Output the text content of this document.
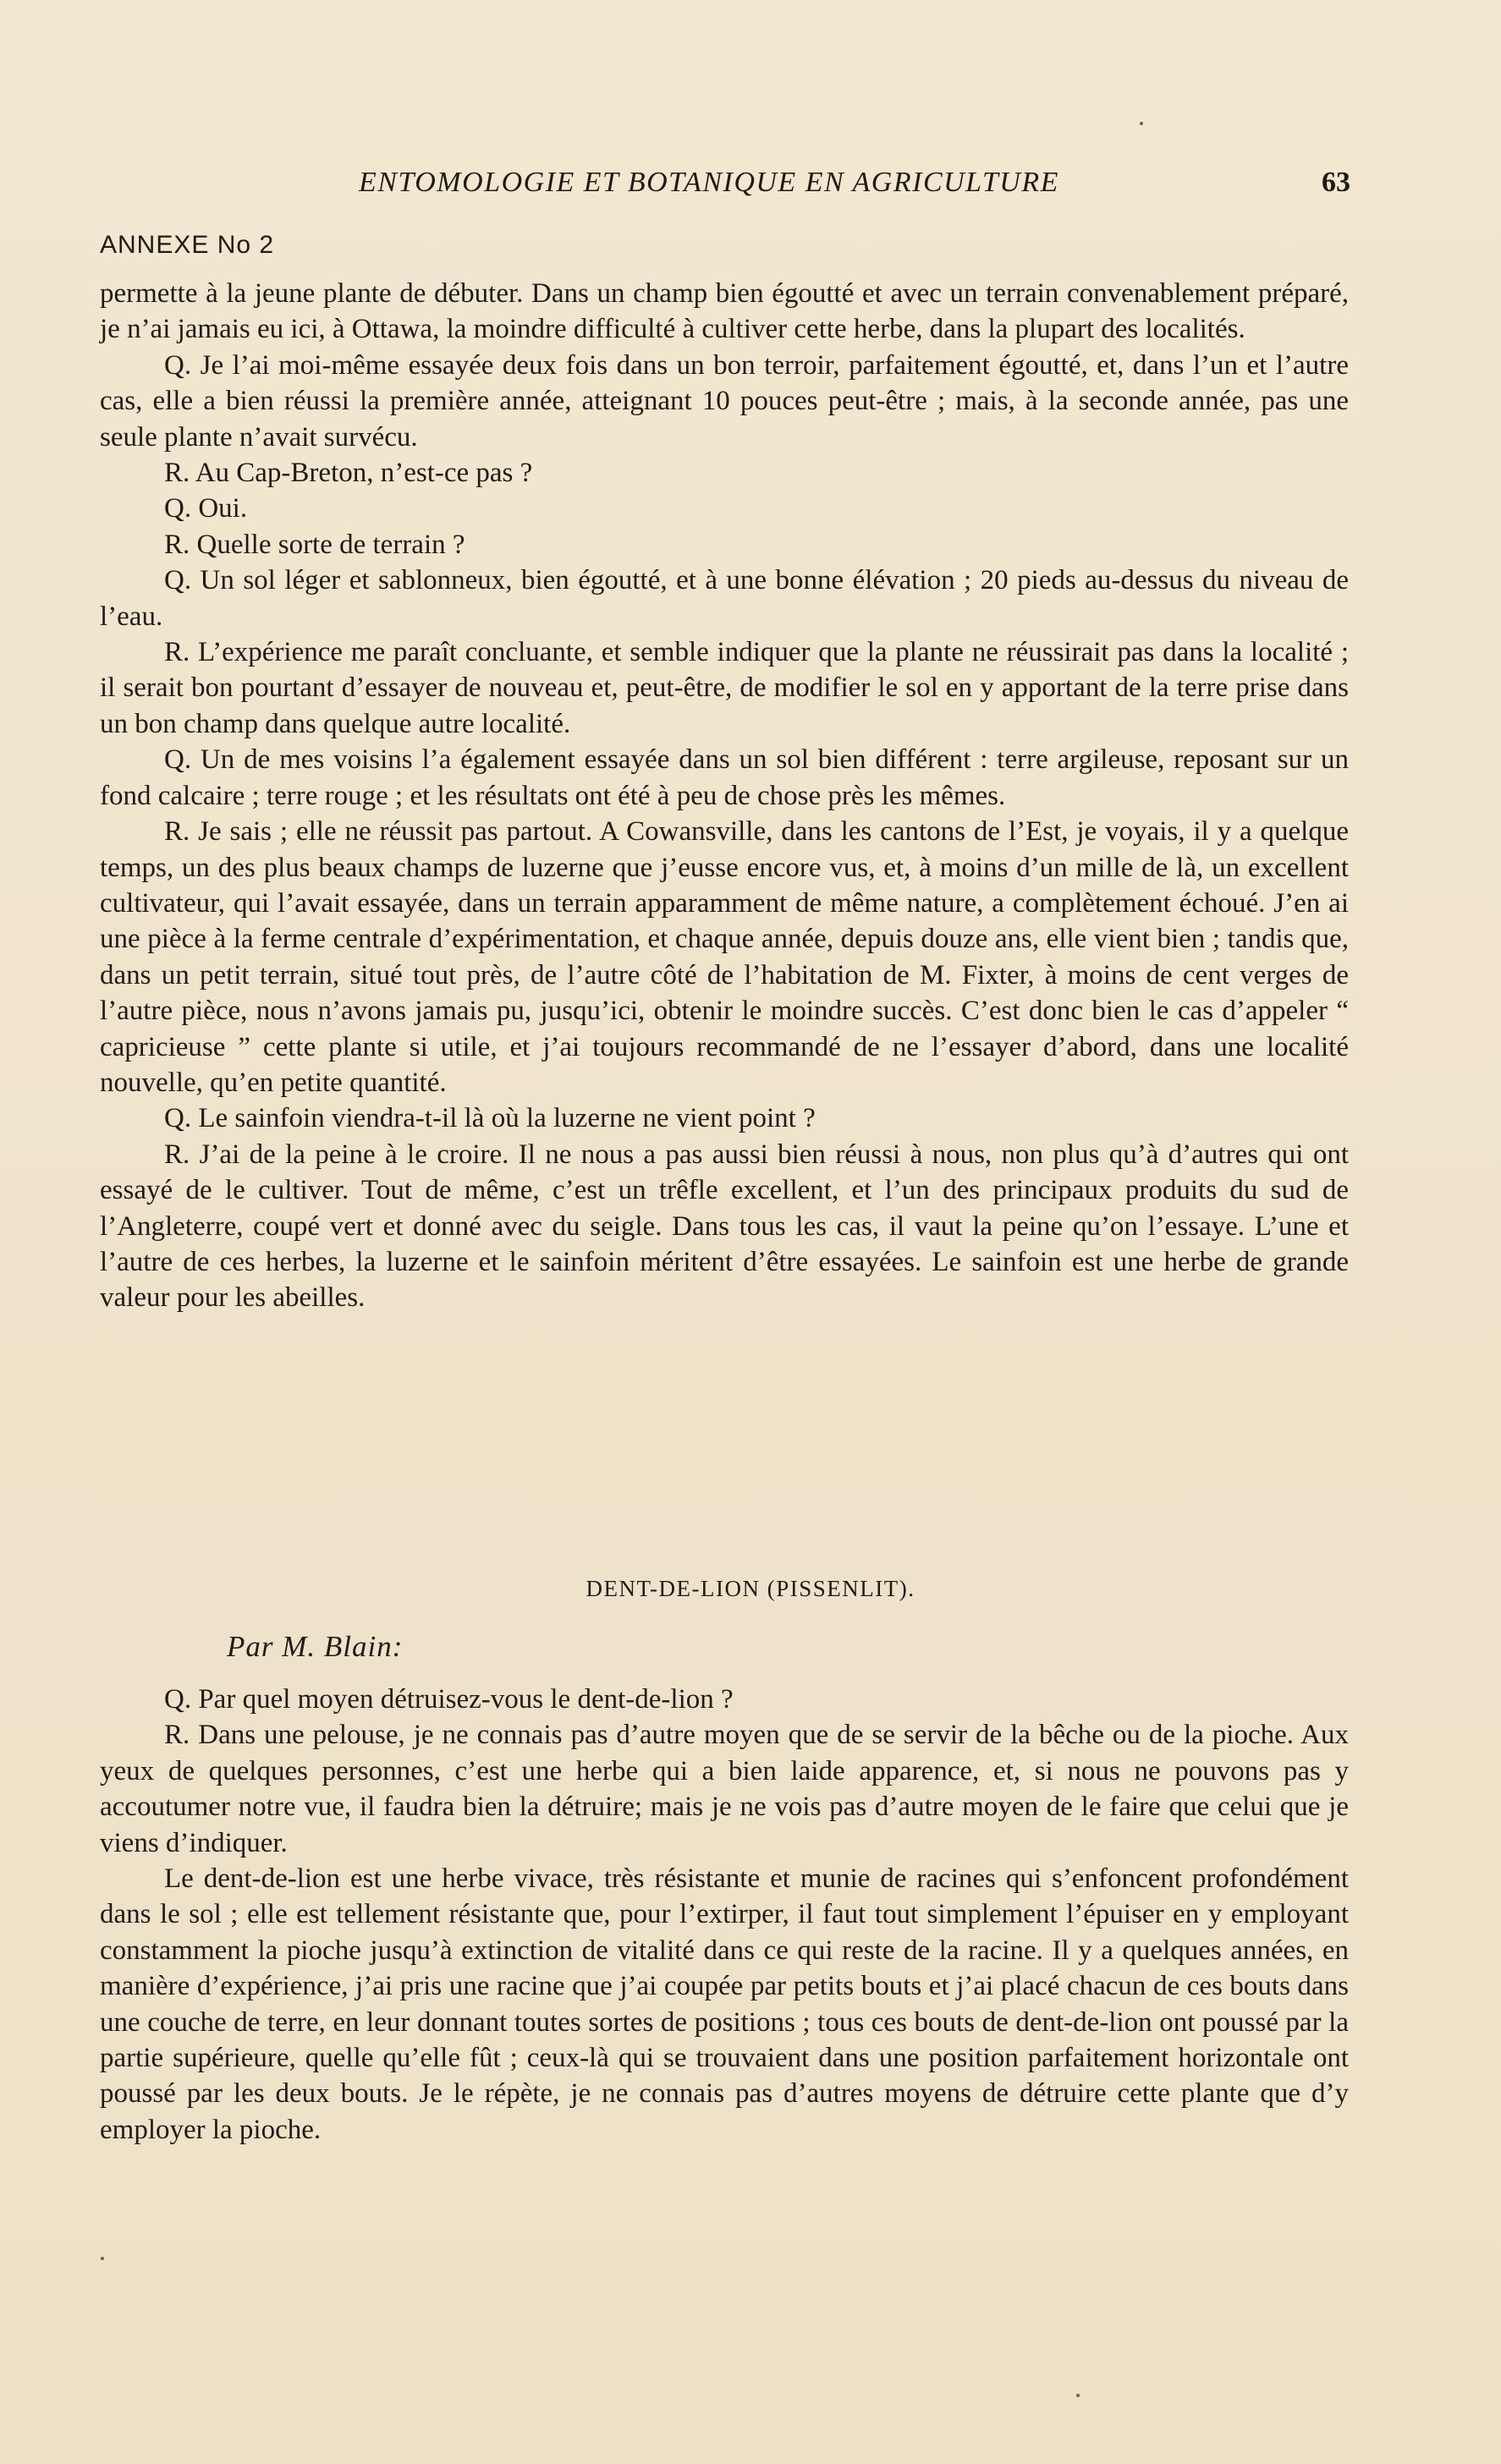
ENTOMOLOGIE ET BOTANIQUE EN AGRICULTURE	63
ANNEXE No 2

permette à la jeune plante de débuter. Dans un champ bien égoutté et avec un terrain convenablement préparé, je n’ai jamais eu ici, à Ottawa, la moindre difficulté à cultiver cette herbe, dans la plupart des localités.

Q. Je l’ai moi-même essayée deux fois dans un bon terroir, parfaitement égoutté, et, dans l’un et l’autre cas, elle a bien réussi la première année, atteignant 10 pouces peut-être ; mais, à la seconde année, pas une seule plante n’avait survécu.

R. Au Cap-Breton, n’est-ce pas ?

Q. Oui.

R. Quelle sorte de terrain ?

Q. Un sol léger et sablonneux, bien égoutté, et à une bonne élévation ; 20 pieds au-dessus du niveau de l’eau.

R. L’expérience me paraît concluante, et semble indiquer que la plante ne réussirait pas dans la localité ; il serait bon pourtant d’essayer de nouveau et, peut-être, de modifier le sol en y apportant de la terre prise dans un bon champ dans quelque autre localité.

Q. Un de mes voisins l’a également essayée dans un sol bien différent : terre argileuse, reposant sur un fond calcaire ; terre rouge ; et les résultats ont été à peu de chose près les mêmes.

R. Je sais ; elle ne réussit pas partout. A Cowansville, dans les cantons de l’Est, je voyais, il y a quelque temps, un des plus beaux champs de luzerne que j’eusse encore vus, et, à moins d’un mille de là, un excellent cultivateur, qui l’avait essayée, dans un terrain apparamment de même nature, a complètement échoué. J’en ai une pièce à la ferme centrale d’expérimentation, et chaque année, depuis douze ans, elle vient bien ; tandis que, dans un petit terrain, situé tout près, de l’autre côté de l’habitation de M. Fixter, à moins de cent verges de l’autre pièce, nous n’avons jamais pu, jusqu’ici, obtenir le moindre succès. C’est donc bien le cas d’appeler “ capricieuse ” cette plante si utile, et j’ai toujours recommandé de ne l’essayer d’abord, dans une localité nouvelle, qu’en petite quantité.

Q. Le sainfoin viendra-t-il là où la luzerne ne vient point ?

R. J’ai de la peine à le croire. Il ne nous a pas aussi bien réussi à nous, non plus qu’à d’autres qui ont essayé de le cultiver. Tout de même, c’est un trêfle excellent, et l’un des principaux produits du sud de l’Angleterre, coupé vert et donné avec du seigle. Dans tous les cas, il vaut la peine qu’on l’essaye. L’une et l’autre de ces herbes, la luzerne et le sainfoin méritent d’être essayées. Le sainfoin est une herbe de grande valeur pour les abeilles.

DENT-DE-LION (PISSENLIT).
Par M. Blain:

Q. Par quel moyen détruisez-vous le dent-de-lion ?

R. Dans une pelouse, je ne connais pas d’autre moyen que de se servir de la bêche ou de la pioche. Aux yeux de quelques personnes, c’est une herbe qui a bien laide apparence, et, si nous ne pouvons pas y accoutumer notre vue, il faudra bien la détruire; mais je ne vois pas d’autre moyen de le faire que celui que je viens d’indiquer.

Le dent-de-lion est une herbe vivace, très résistante et munie de racines qui s’enfoncent profondément dans le sol ; elle est tellement résistante que, pour l’extirper, il faut tout simplement l’épuiser en y employant constamment la pioche jusqu’à extinction de vitalité dans ce qui reste de la racine. Il y a quelques années, en manière d’expérience, j’ai pris une racine que j’ai coupée par petits bouts et j’ai placé chacun de ces bouts dans une couche de terre, en leur donnant toutes sortes de positions ; tous ces bouts de dent-de-lion ont poussé par la partie supérieure, quelle qu’elle fût ; ceux-là qui se trouvaient dans une position parfaitement horizontale ont poussé par les deux bouts. Je le répète, je ne connais pas d’autres moyens de détruire cette plante que d’y employer la pioche.
